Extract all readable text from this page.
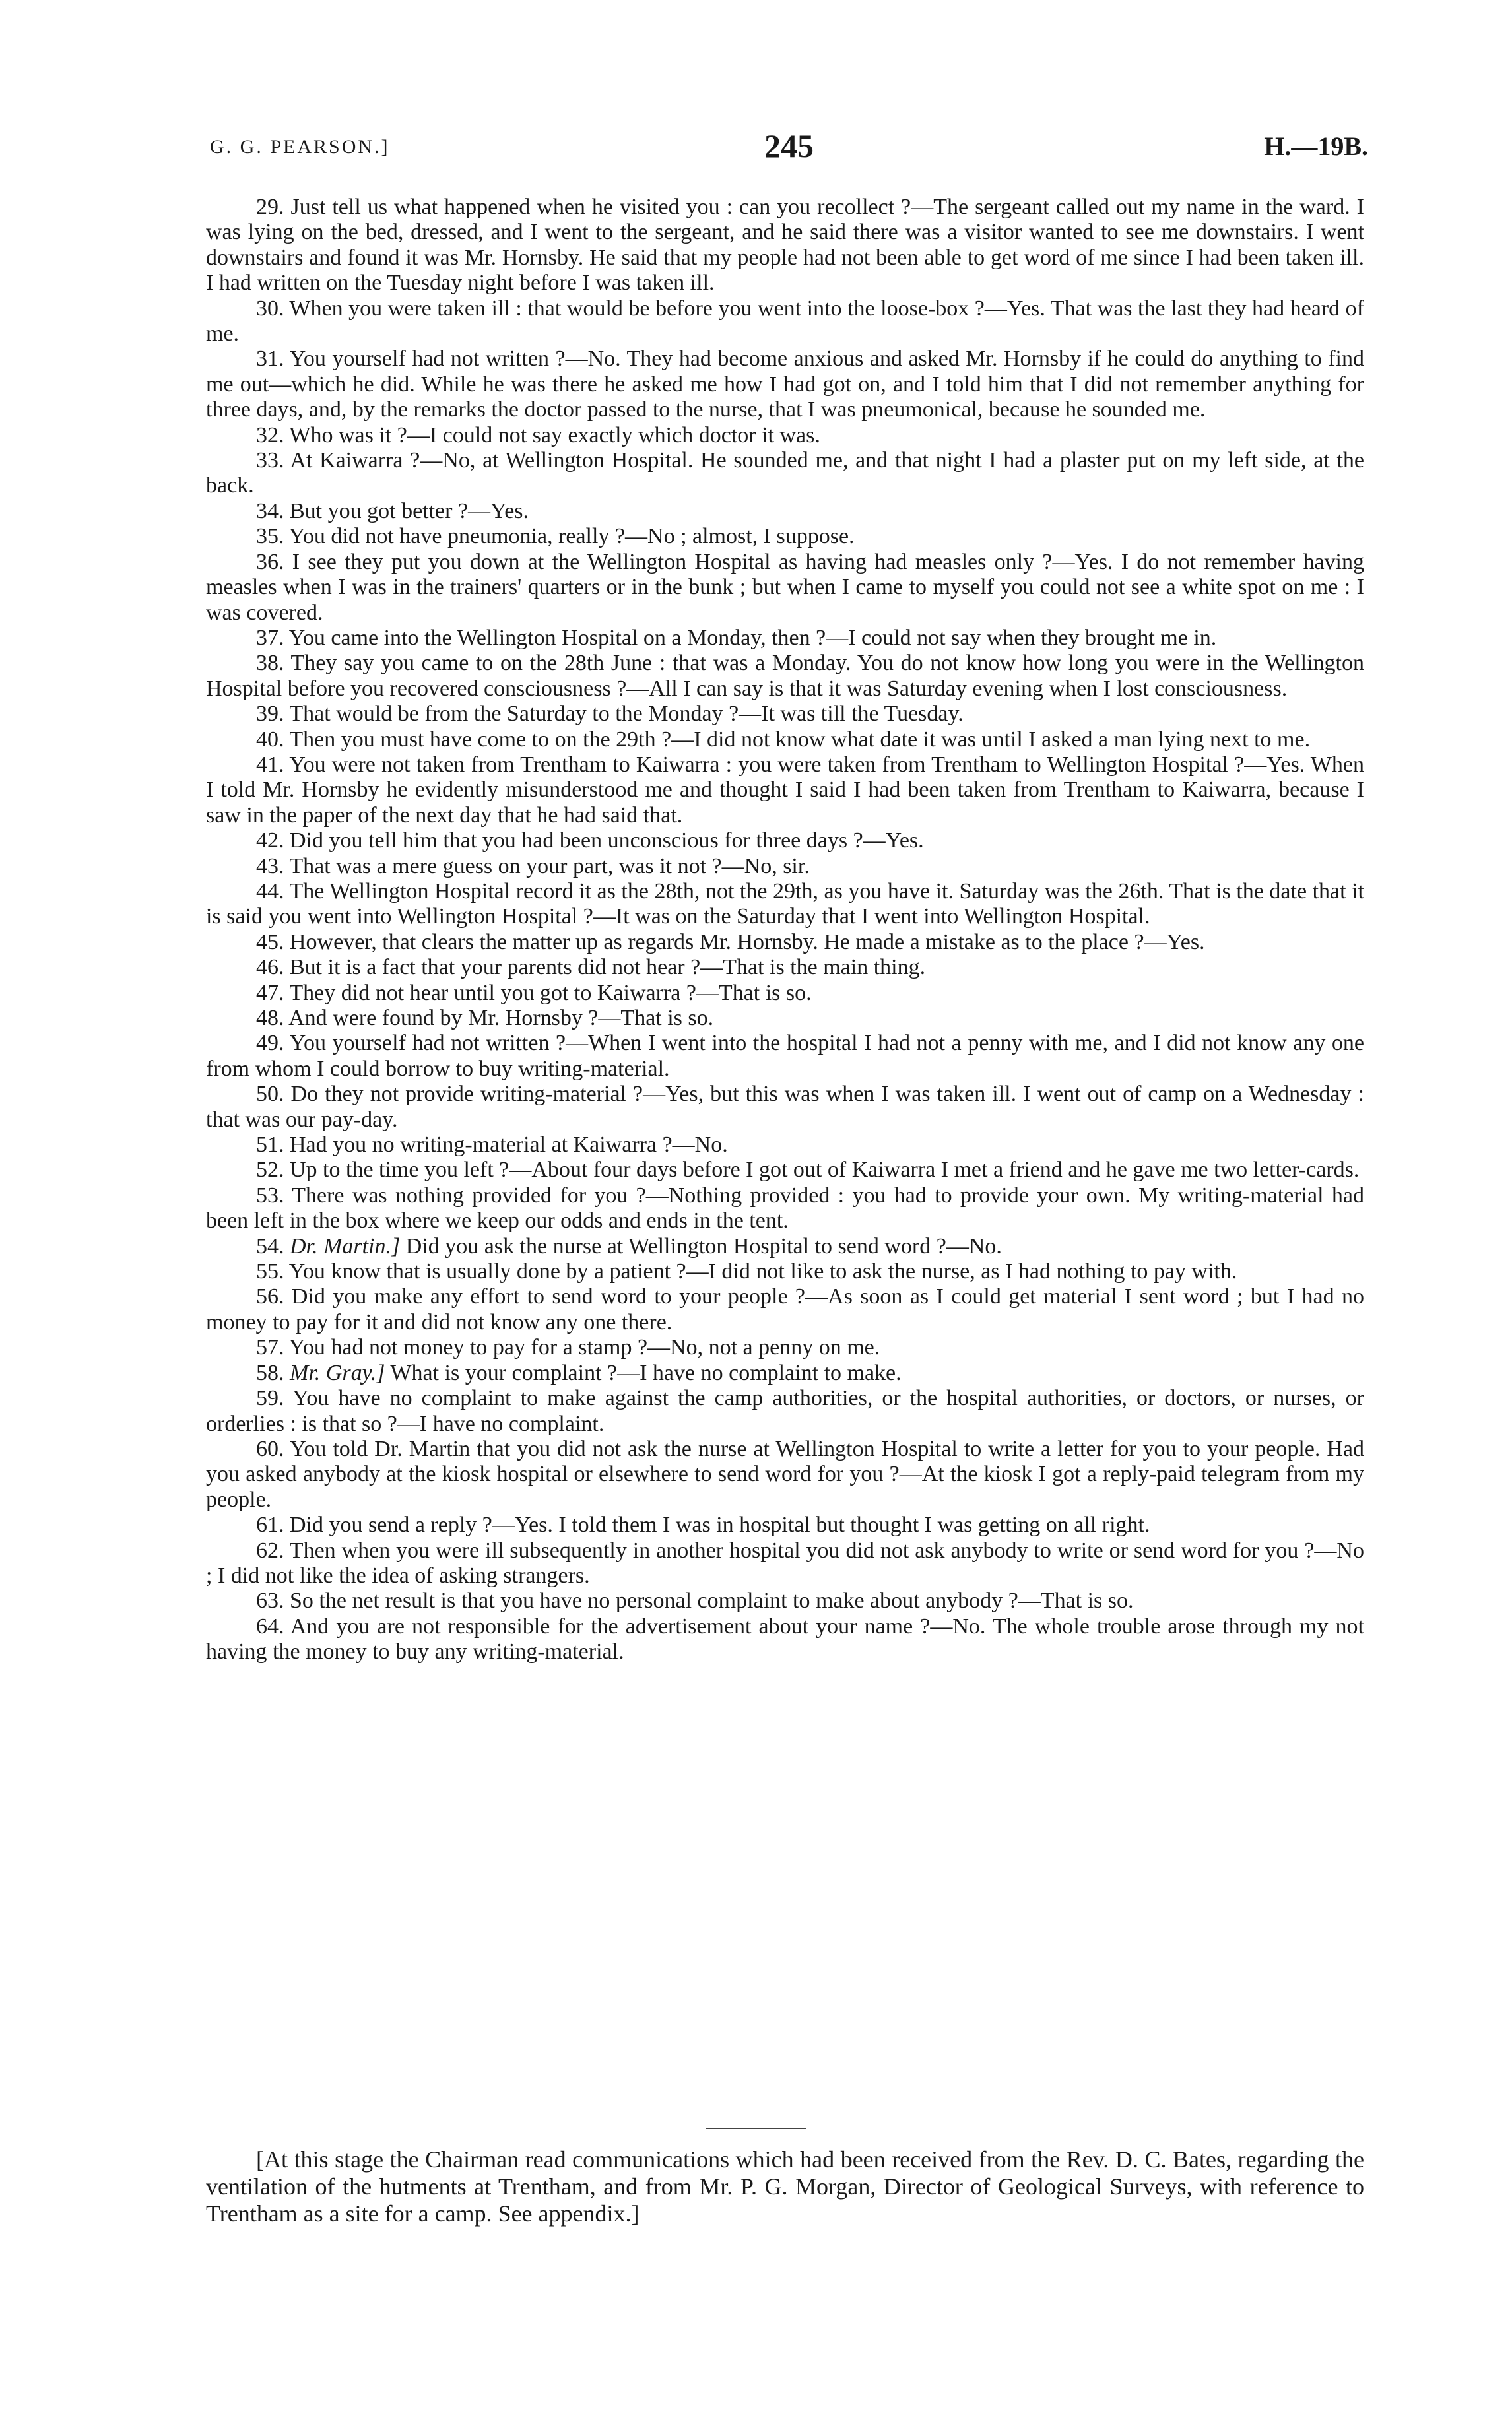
G. G. PEARSON.]	245	H.—19B.

29. Just tell us what happened when he visited you : can you recollect ?—The sergeant called out my name in the ward. I was lying on the bed, dressed, and I went to the sergeant, and he said there was a visitor wanted to see me downstairs. I went downstairs and found it was Mr. Hornsby. He said that my people had not been able to get word of me since I had been taken ill. I had written on the Tuesday night before I was taken ill.

30. When you were taken ill : that would be before you went into the loose-box ?—Yes. That was the last they had heard of me.

31. You yourself had not written ?—No. They had become anxious and asked Mr. Hornsby if he could do anything to find me out—which he did. While he was there he asked me how I had got on, and I told him that I did not remember anything for three days, and, by the remarks the doctor passed to the nurse, that I was pneumonical, because he sounded me.

32. Who was it ?—I could not say exactly which doctor it was.

33. At Kaiwarra ?—No, at Wellington Hospital. He sounded me, and that night I had a plaster put on my left side, at the back.

34. But you got better ?—Yes.

35. You did not have pneumonia, really ?—No ; almost, I suppose.

36. I see they put you down at the Wellington Hospital as having had measles only ?—Yes. I do not remember having measles when I was in the trainers' quarters or in the bunk ; but when I came to myself you could not see a white spot on me : I was covered.

37. You came into the Wellington Hospital on a Monday, then ?—I could not say when they brought me in.

38. They say you came to on the 28th June : that was a Monday. You do not know how long you were in the Wellington Hospital before you recovered consciousness ?—All I can say is that it was Saturday evening when I lost consciousness.

39. That would be from the Saturday to the Monday ?—It was till the Tuesday.

40. Then you must have come to on the 29th ?—I did not know what date it was until I asked a man lying next to me.

41. You were not taken from Trentham to Kaiwarra : you were taken from Trentham to Wellington Hospital ?—Yes. When I told Mr. Hornsby he evidently misunderstood me and thought I said I had been taken from Trentham to Kaiwarra, because I saw in the paper of the next day that he had said that.

42. Did you tell him that you had been unconscious for three days ?—Yes.

43. That was a mere guess on your part, was it not ?—No, sir.

44. The Wellington Hospital record it as the 28th, not the 29th, as you have it. Saturday was the 26th. That is the date that it is said you went into Wellington Hospital ?—It was on the Saturday that I went into Wellington Hospital.

45. However, that clears the matter up as regards Mr. Hornsby. He made a mistake as to the place ?—Yes.

46. But it is a fact that your parents did not hear ?—That is the main thing.

47. They did not hear until you got to Kaiwarra ?—That is so.

48. And were found by Mr. Hornsby ?—That is so.

49. You yourself had not written ?—When I went into the hospital I had not a penny with me, and I did not know any one from whom I could borrow to buy writing-material.

50. Do they not provide writing-material ?—Yes, but this was when I was taken ill. I went out of camp on a Wednesday : that was our pay-day.

51. Had you no writing-material at Kaiwarra ?—No.

52. Up to the time you left ?—About four days before I got out of Kaiwarra I met a friend and he gave me two letter-cards.

53. There was nothing provided for you ?—Nothing provided : you had to provide your own. My writing-material had been left in the box where we keep our odds and ends in the tent.

54. Dr. Martin.] Did you ask the nurse at Wellington Hospital to send word ?—No.

55. You know that is usually done by a patient ?—I did not like to ask the nurse, as I had nothing to pay with.

56. Did you make any effort to send word to your people ?—As soon as I could get material I sent word ; but I had no money to pay for it and did not know any one there.

57. You had not money to pay for a stamp ?—No, not a penny on me.

58. Mr. Gray.] What is your complaint ?—I have no complaint to make.

59. You have no complaint to make against the camp authorities, or the hospital authorities, or doctors, or nurses, or orderlies : is that so ?—I have no complaint.

60. You told Dr. Martin that you did not ask the nurse at Wellington Hospital to write a letter for you to your people. Had you asked anybody at the kiosk hospital or elsewhere to send word for you ?—At the kiosk I got a reply-paid telegram from my people.

61. Did you send a reply ?—Yes. I told them I was in hospital but thought I was getting on all right.

62. Then when you were ill subsequently in another hospital you did not ask anybody to write or send word for you ?—No ; I did not like the idea of asking strangers.

63. So the net result is that you have no personal complaint to make about anybody ?—That is so.

64. And you are not responsible for the advertisement about your name ?—No. The whole trouble arose through my not having the money to buy any writing-material.

[At this stage the Chairman read communications which had been received from the Rev. D. C. Bates, regarding the ventilation of the hutments at Trentham, and from Mr. P. G. Morgan, Director of Geological Surveys, with reference to Trentham as a site for a camp. See appendix.]
